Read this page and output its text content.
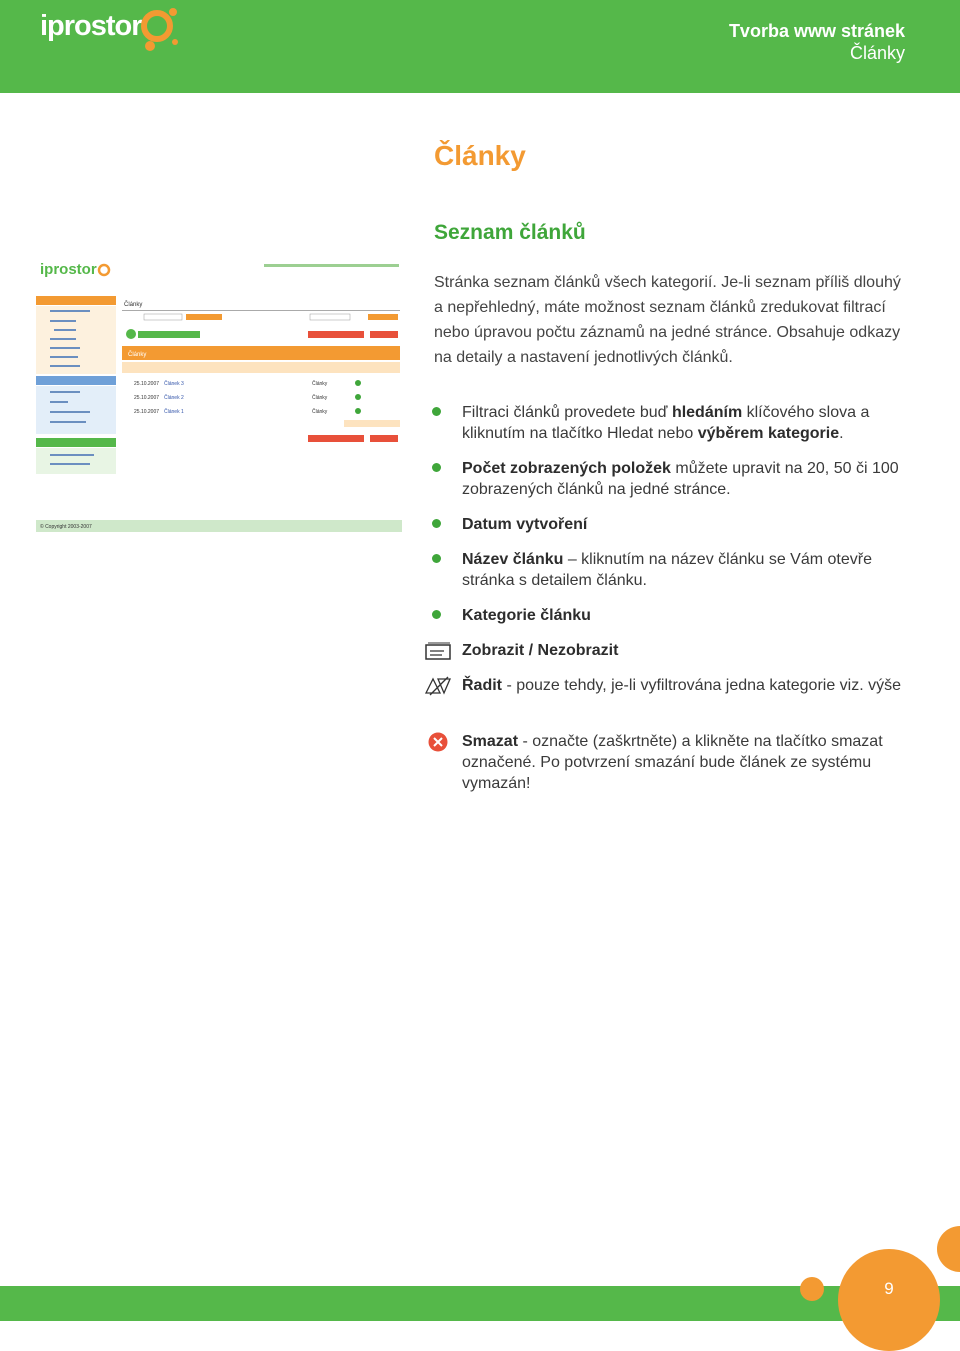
iprostor	Tvorba www stránek
Články
Články
Seznam článků

Stránka seznam článků všech kategorií. Je-li seznam příliš dlouhý a nepřehledný, máte možnost seznam článků zredukovat filtrací nebo úpravou počtu záznamů na jedné stránce. Obsahuje odkazy na detaily a nastavení jednotlivých článků.

iprostor
Články
Články
25.10.2007 Článek 3	Články
25.10.2007 Článek 2	Články
25.10.2007 Článek 1	Články
© Copyright 2003-2007
Filtraci článků provedete buď hledáním klíčového slova a kliknutím na tlačítko Hledat nebo výběrem kategorie.
Počet zobrazených položek můžete upravit na 20, 50 či 100 zobrazených článků na jedné stránce.
Datum vytvoření
Název článku – kliknutím na název článku se Vám otevře stránka s detailem článku.
Kategorie článku
Zobrazit / Nezobrazit
Řadit - pouze tehdy, je-li vyfiltrována jedna kategorie viz. výše
Smazat - označte (zaškrtněte) a klikněte na tlačítko smazat označené. Po potvrzení smazání bude článek ze systému vymazán!
9
